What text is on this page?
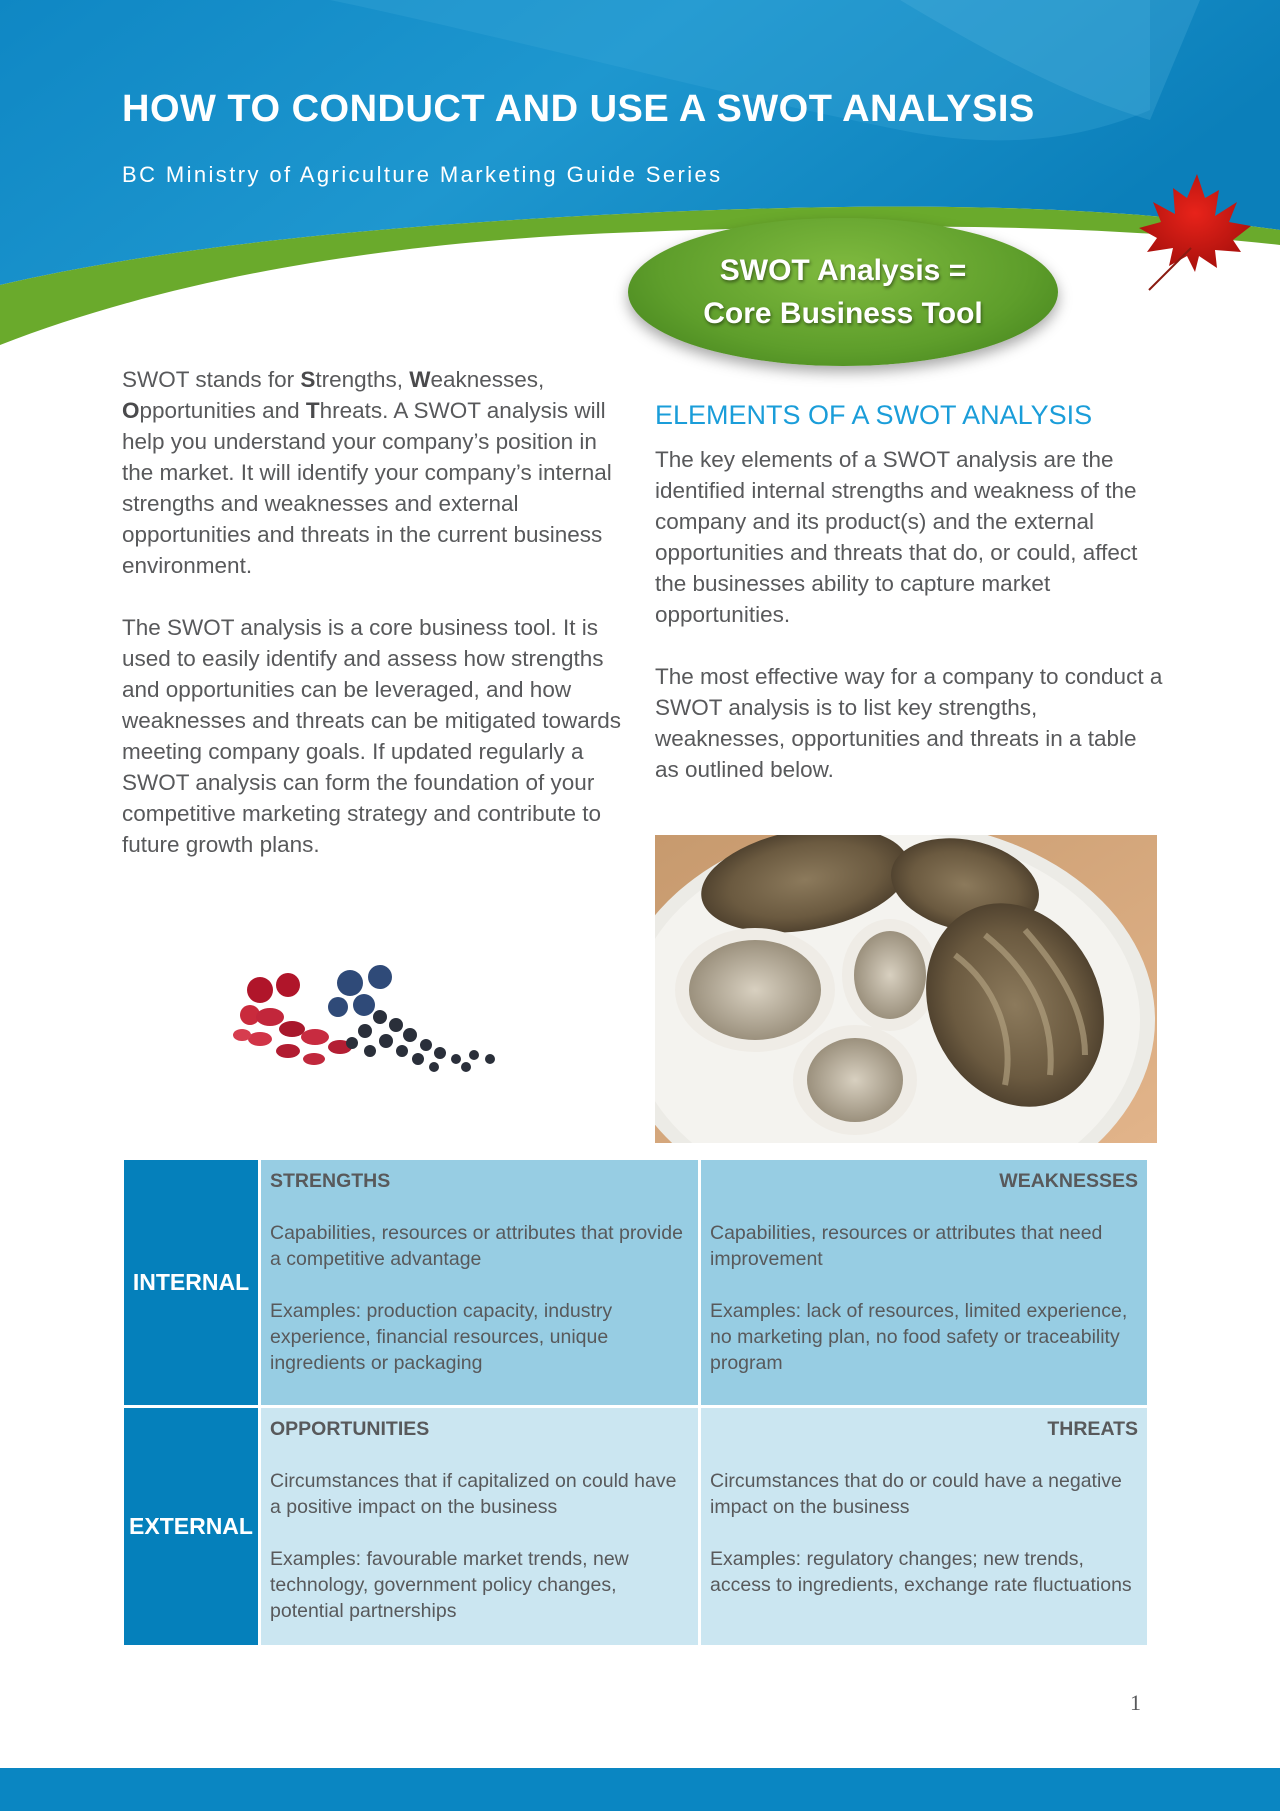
HOW TO CONDUCT AND USE A SWOT ANALYSIS

BC Ministry of Agriculture Marketing Guide Series

SWOT Analysis =
Core Business Tool

SWOT stands for Strengths, Weaknesses,
Opportunities and Threats. A SWOT analysis will help you understand your company’s position in the market. It will identify your company’s internal strengths and weaknesses and external opportunities and threats in the current business environment.

The SWOT analysis is a core business tool. It is used to easily identify and assess how strengths and opportunities can be leveraged, and how weaknesses and threats can be mitigated towards meeting company goals. If updated regularly a SWOT analysis can form the foundation of your competitive marketing strategy and contribute to future growth plans.

ELEMENTS OF A SWOT ANALYSIS

The key elements of a SWOT analysis are the identified internal strengths and weakness of the company and its product(s) and the external opportunities and threats that do, or could, affect the businesses ability to capture market opportunities.

The most effective way for a company to conduct a SWOT analysis is to list key strengths, weaknesses, opportunities and threats in a table as outlined below.

INTERNAL
STRENGTHS

Capabilities, resources or attributes that provide a competitive advantage

Examples: production capacity, industry experience, financial resources, unique ingredients or packaging

WEAKNESSES

Capabilities, resources or attributes that need improvement

Examples: lack of resources, limited experience, no marketing plan, no food safety or traceability program

EXTERNAL
OPPORTUNITIES

Circumstances that if capitalized on could have a positive impact on the business

Examples: favourable market trends, new technology, government policy changes, potential partnerships

THREATS

Circumstances that do or could have a negative impact on the business

Examples: regulatory changes; new trends, access to ingredients, exchange rate fluctuations

1
